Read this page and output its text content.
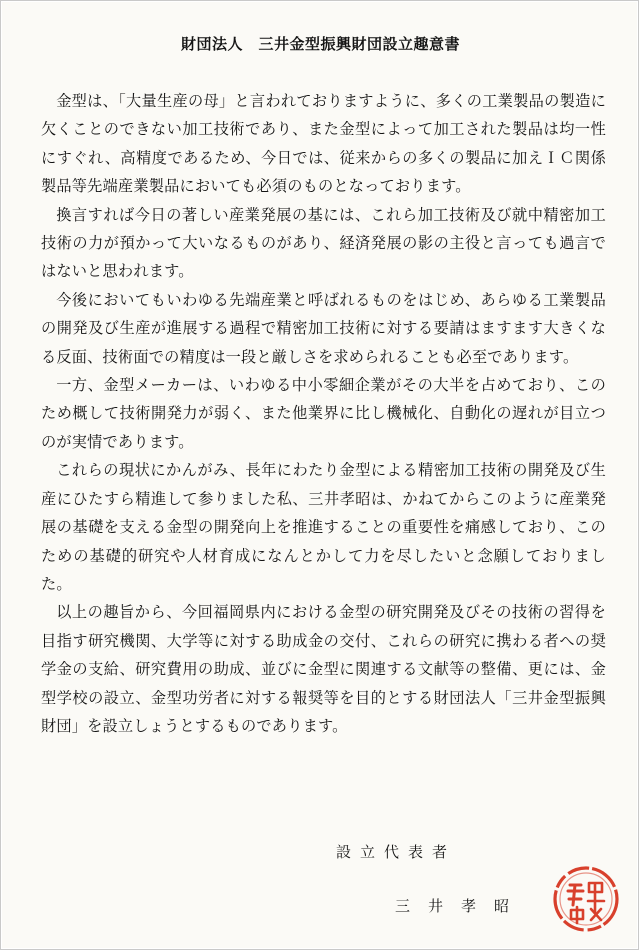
財団法人　三井金型振興財団設立趣意書

金型は、「大量生産の母」と言われておりますように、多くの工業製品の製造に欠くことのできない加工技術であり、また金型によって加工された製品は均一性にすぐれ、高精度であるため、今日では、従来からの多くの製品に加えＩＣ関係製品等先端産業製品においても必須のものとなっております。

換言すれば今日の著しい産業発展の基には、これら加工技術及び就中精密加工技術の力が預かって大いなるものがあり、経済発展の影の主役と言っても過言ではないと思われます。

今後においてもいわゆる先端産業と呼ばれるものをはじめ、あらゆる工業製品の開発及び生産が進展する過程で精密加工技術に対する要請はますます大きくなる反面、技術面での精度は一段と厳しさを求められることも必至であります。

一方、金型メーカーは、いわゆる中小零細企業がその大半を占めており、このため概して技術開発力が弱く、また他業界に比し機械化、自動化の遅れが目立つのが実情であります。

これらの現状にかんがみ、長年にわたり金型による精密加工技術の開発及び生産にひたすら精進して参りました私、三井孝昭は、かねてからこのように産業発展の基礎を支える金型の開発向上を推進することの重要性を痛感しており、このための基礎的研究や人材育成になんとかして力を尽したいと念願しておりました。

以上の趣旨から、今回福岡県内における金型の研究開発及びその技術の習得を目指す研究機関、大学等に対する助成金の交付、これらの研究に携わる者への奨学金の支給、研究費用の助成、並びに金型に関連する文献等の整備、更には、金型学校の設立、金型功労者に対する報奨等を目的とする財団法人「三井金型振興財団」を設立しょうとするものであります。

設立代表者

三井孝昭
